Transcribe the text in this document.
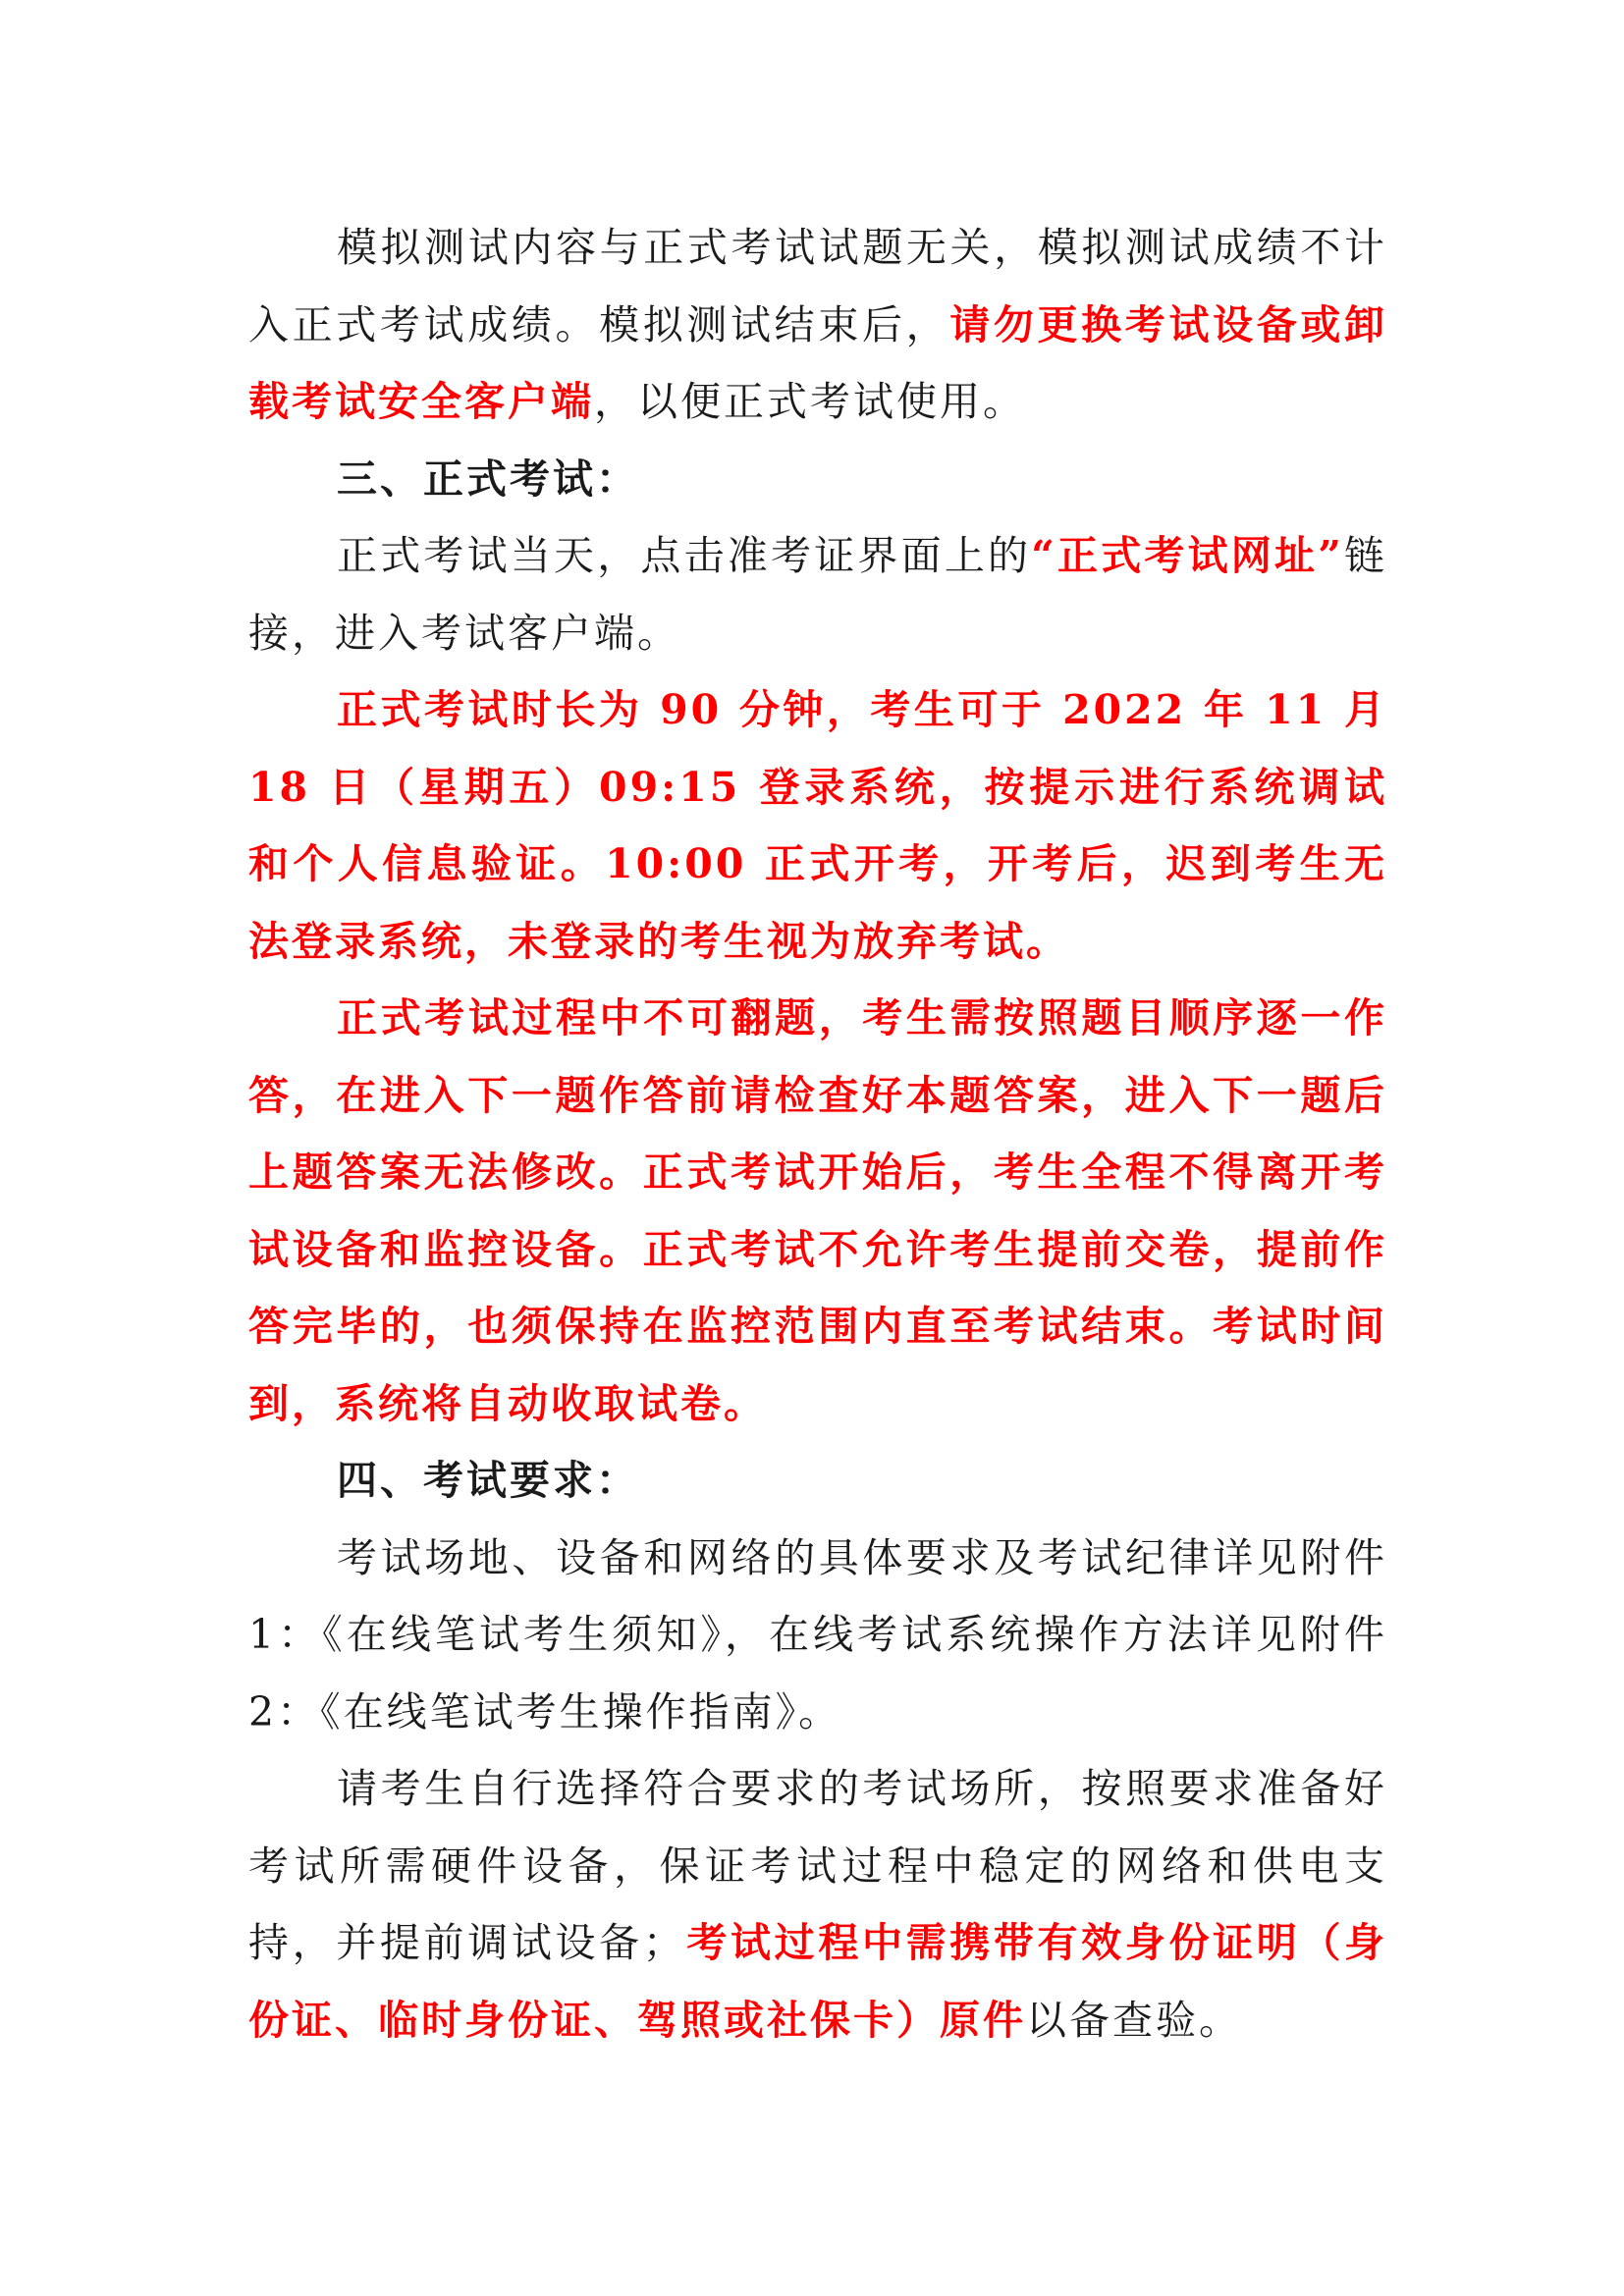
模拟测试内容与正式考试试题无关，模拟测试成绩不计入正式考试成绩。模拟测试结束后，请勿更换考试设备或卸载考试安全客户端，以便正式考试使用。

三、正式考试：

正式考试当天，点击准考证界面上的“正式考试网址”链接，进入考试客户端。

正式考试时长为 90 分钟，考生可于 2022 年 11 月 18 日（星期五）09:15 登录系统，按提示进行系统调试和个人信息验证。10:00 正式开考，开考后，迟到考生无法登录系统，未登录的考生视为放弃考试。

正式考试过程中不可翻题，考生需按照题目顺序逐一作答，在进入下一题作答前请检查好本题答案，进入下一题后上题答案无法修改。正式考试开始后，考生全程不得离开考试设备和监控设备。正式考试不允许考生提前交卷，提前作答完毕的，也须保持在监控范围内直至考试结束。考试时间到，系统将自动收取试卷。

四、考试要求：

考试场地、设备和网络的具体要求及考试纪律详见附件1：《在线笔试考生须知》，在线考试系统操作方法详见附件 2：《在线笔试考生操作指南》。

请考生自行选择符合要求的考试场所，按照要求准备好考试所需硬件设备，保证考试过程中稳定的网络和供电支持，并提前调试设备；考试过程中需携带有效身份证明（身份证、临时身份证、驾照或社保卡）原件以备查验。
